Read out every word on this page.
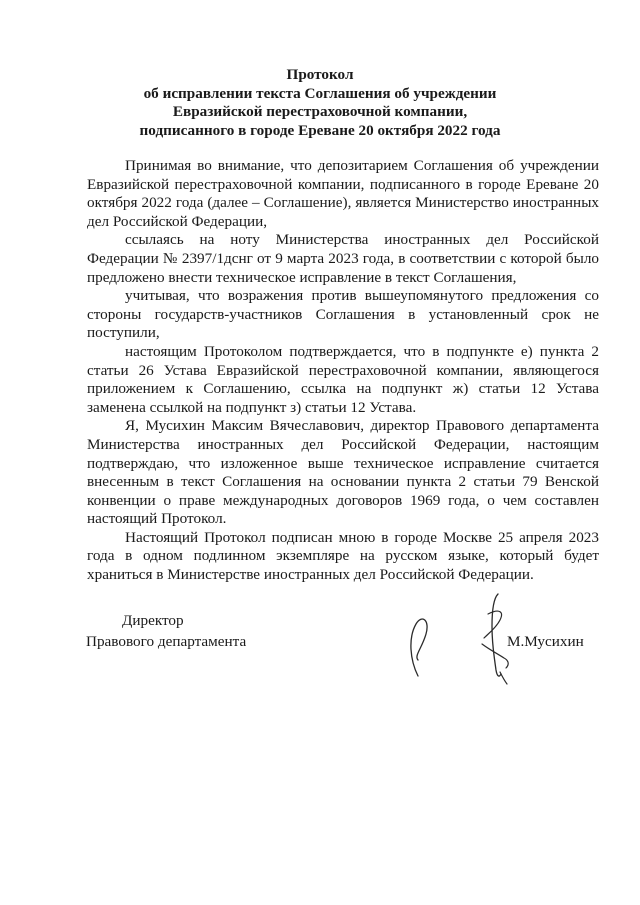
Протокол
об исправлении текста Соглашения об учреждении
Евразийской перестраховочной компании,
подписанного в городе Ереване 20 октября 2022 года

Принимая во внимание, что депозитарием Соглашения об учреждении Евразийской перестраховочной компании, подписанного в городе Ереване 20 октября 2022 года (далее – Соглашение), является Министерство иностранных дел Российской Федерации,

ссылаясь на ноту Министерства иностранных дел Российской Федерации № 2397/1дснг от 9 марта 2023 года, в соответствии с которой было предложено внести техническое исправление в текст Соглашения,

учитывая, что возражения против вышеупомянутого предложения со стороны государств-участников Соглашения в установленный срок не поступили,

настоящим Протоколом подтверждается, что в подпункте е) пункта 2 статьи 26 Устава Евразийской перестраховочной компании, являющегося приложением к Соглашению, ссылка на подпункт ж) статьи 12 Устава заменена ссылкой на подпункт з) статьи 12 Устава.

Я, Мусихин Максим Вячеславович, директор Правового департамента Министерства иностранных дел Российской Федерации, настоящим подтверждаю, что изложенное выше техническое исправление считается внесенным в текст Соглашения на основании пункта 2 статьи 79 Венской конвенции о праве международных договоров 1969 года, о чем составлен настоящий Протокол.

Настоящий Протокол подписан мною в городе Москве 25 апреля 2023 года в одном подлинном экземпляре на русском языке, который будет храниться в Министерстве иностранных дел Российской Федерации.

Директор
Правового департамента	М.Мусихин
